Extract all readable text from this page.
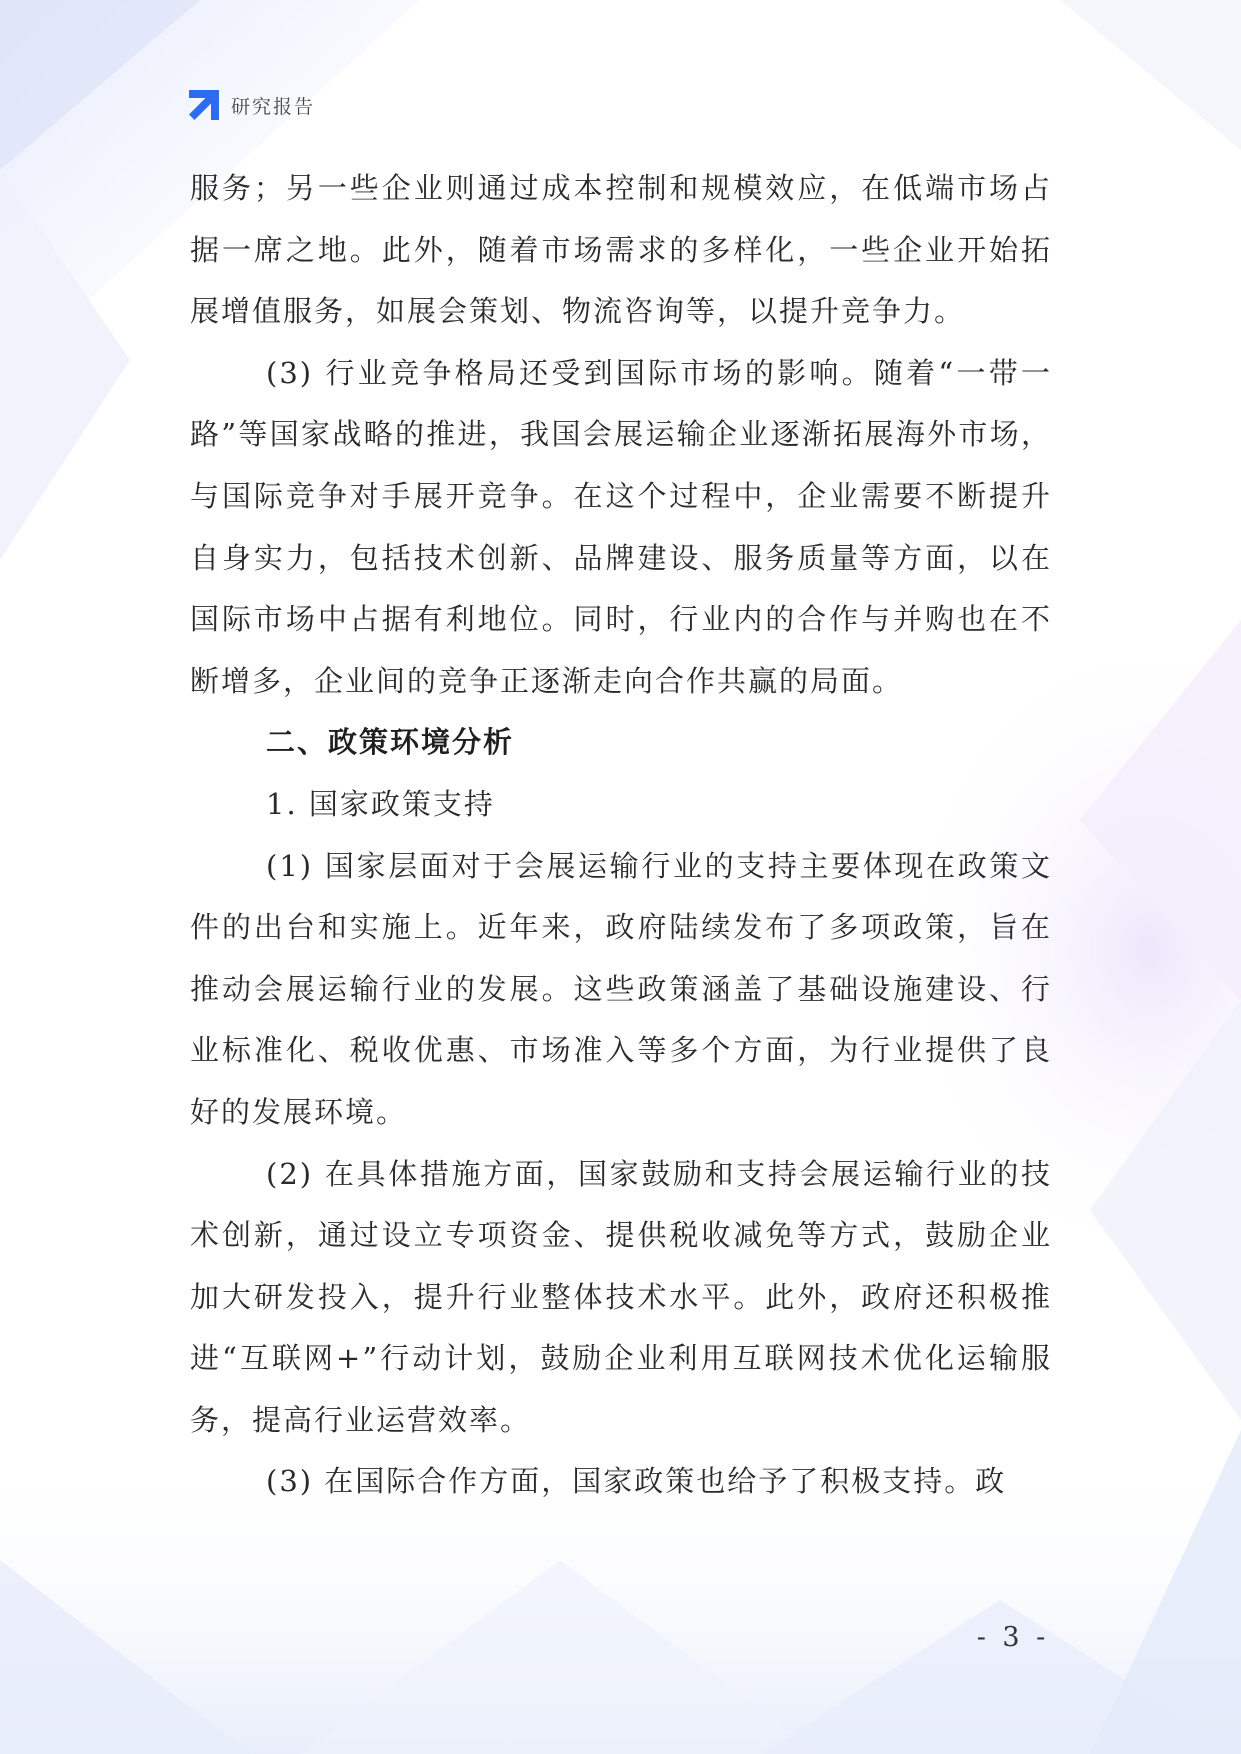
研究报告

服务；另一些企业则通过成本控制和规模效应，在低端市场占据一席之地。此外，随着市场需求的多样化，一些企业开始拓展增值服务，如展会策划、物流咨询等，以提升竞争力。

(3) 行业竞争格局还受到国际市场的影响。随着“一带一路”等国家战略的推进，我国会展运输企业逐渐拓展海外市场，与国际竞争对手展开竞争。在这个过程中，企业需要不断提升自身实力，包括技术创新、品牌建设、服务质量等方面，以在国际市场中占据有利地位。同时，行业内的合作与并购也在不断增多，企业间的竞争正逐渐走向合作共赢的局面。

二、政策环境分析

1. 国家政策支持

(1) 国家层面对于会展运输行业的支持主要体现在政策文件的出台和实施上。近年来，政府陆续发布了多项政策，旨在推动会展运输行业的发展。这些政策涵盖了基础设施建设、行业标准化、税收优惠、市场准入等多个方面，为行业提供了良好的发展环境。

(2) 在具体措施方面，国家鼓励和支持会展运输行业的技术创新，通过设立专项资金、提供税收减免等方式，鼓励企业加大研发投入，提升行业整体技术水平。此外，政府还积极推进“互联网+”行动计划，鼓励企业利用互联网技术优化运输服务，提高行业运营效率。

(3) 在国际合作方面，国家政策也给予了积极支持。政

- 3 -
